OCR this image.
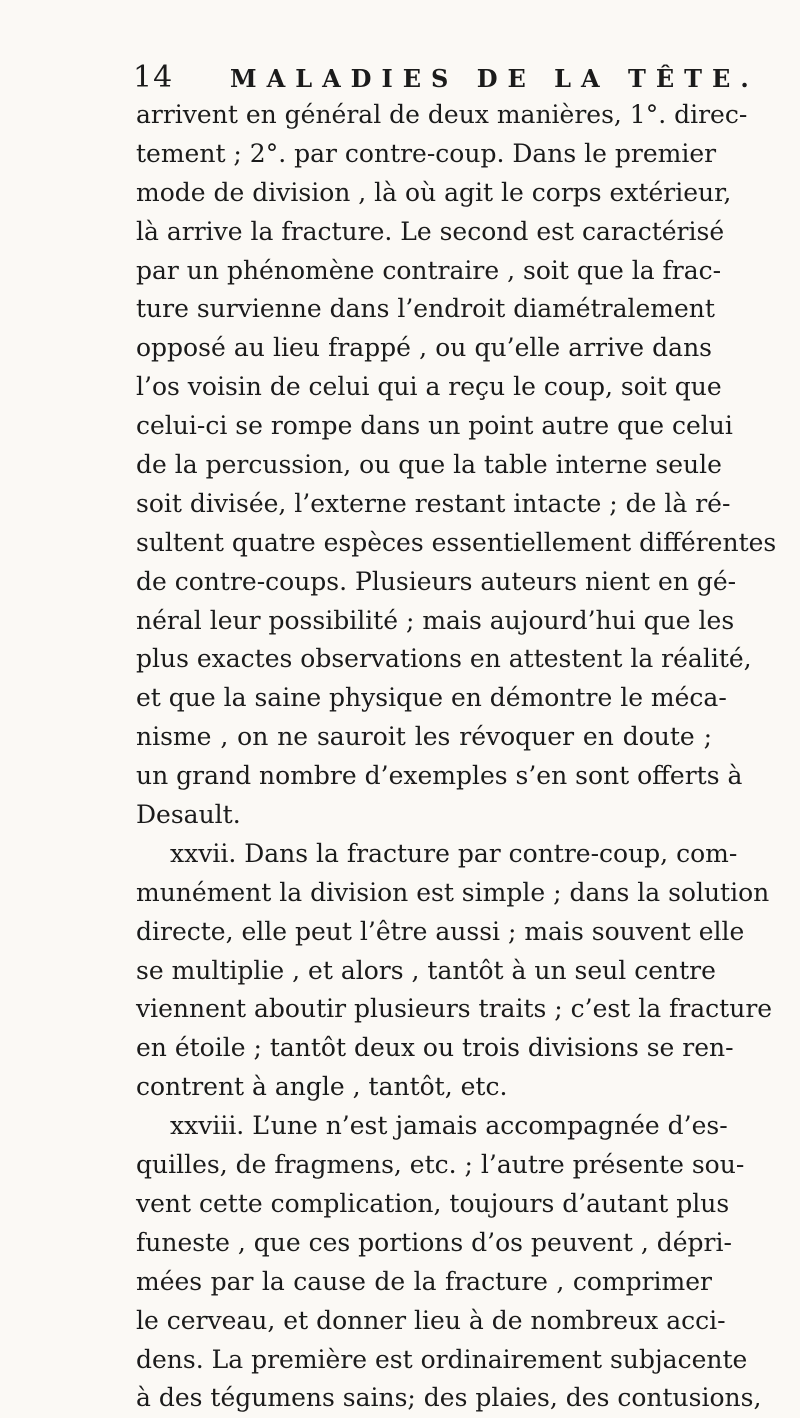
14 MALADIES DE LA TÊTE.
arrivent en général de deux manières, 1°. direc-
tement ; 2°. par contre-coup. Dans le premier
mode de division , là où agit le corps extérieur,
là arrive la fracture. Le second est caractérisé
par un phénomène contraire , soit que la frac-
ture survienne dans l’endroit diamétralement
opposé au lieu frappé , ou qu’elle arrive dans
l’os voisin de celui qui a reçu le coup, soit que
celui-ci se rompe dans un point autre que celui
de la percussion, ou que la table interne seule
soit divisée, l’externe restant intacte ; de là ré-
sultent quatre espèces essentiellement différentes
de contre-coups. Plusieurs auteurs nient en gé-
néral leur possibilité ; mais aujourd’hui que les
plus exactes observations en attestent la réalité,
et que la saine physique en démontre le méca-
nisme , on ne sauroit les révoquer en doute ;
un grand nombre d’exemples s’en sont offerts à
Desault.
xxvii. Dans la fracture par contre-coup, com-
munément la division est simple ; dans la solution
directe, elle peut l’être aussi ; mais souvent elle
se multiplie , et alors , tantôt à un seul centre
viennent aboutir plusieurs traits ; c’est la fracture
en étoile ; tantôt deux ou trois divisions se ren-
contrent à angle , tantôt, etc.
xxviii. L’une n’est jamais accompagnée d’es-
quilles, de fragmens, etc. ; l’autre présente sou-
vent cette complication, toujours d’autant plus
funeste , que ces portions d’os peuvent , dépri-
mées par la cause de la fracture , comprimer
le cerveau, et donner lieu à de nombreux acci-
dens. La première est ordinairement subjacente
à des tégumens sains; des plaies, des contusions,
